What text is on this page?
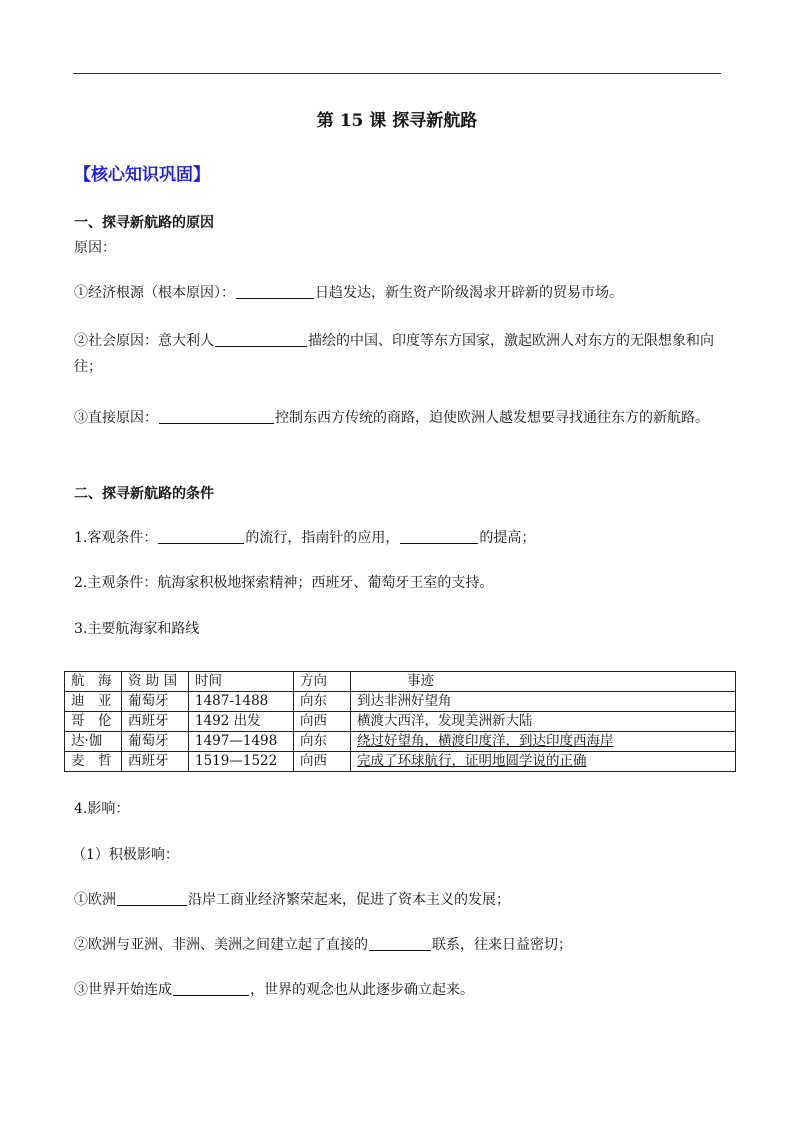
第 15 课 探寻新航路
【核心知识巩固】
一、探寻新航路的原因
原因：
①经济根源（根本原因）：	日趋发达，新生资产阶级渴求开辟新的贸易市场。
②社会原因：意大利人	描绘的中国、印度等东方国家，激起欧洲人对东方的无限想象和向往；
③直接原因：	控制东西方传统的商路，迫使欧洲人越发想要寻找通往东方的新航路。
二、探寻新航路的条件
1.客观条件：	的流行，指南针的应用，	的提高；
2.主观条件：航海家积极地探索精神；西班牙、葡萄牙王室的支持。
3.主要航海家和路线
航　海	资 助 国	时间	方向	事迹
迪　亚	葡萄牙	1487-1488	向东	到达非洲好望角
哥　伦	西班牙	1492 出发	向西	横渡大西洋，发现美洲新大陆
达·伽	葡萄牙	1497—1498	向东	绕过好望角，横渡印度洋，到达印度西海岸
麦　哲	西班牙	1519—1522	向西	完成了环球航行，证明地圆学说的正确
4.影响：
（1）积极影响：
①欧洲	沿岸工商业经济繁荣起来，促进了资本主义的发展；
②欧洲与亚洲、非洲、美洲之间建立起了直接的	联系，往来日益密切；
③世界开始连成	，世界的观念也从此逐步确立起来。
